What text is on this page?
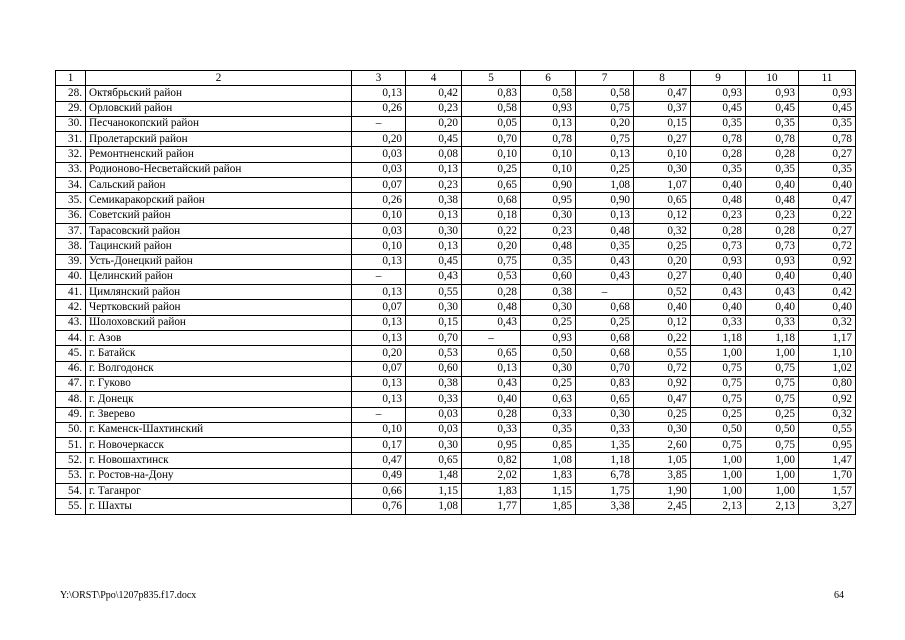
1	2	3	4	5	6	7	8	9	10	11
28.	Октябрьский район	0,13	0,42	0,83	0,58	0,58	0,47	0,93	0,93	0,93
29.	Орловский район	0,26	0,23	0,58	0,93	0,75	0,37	0,45	0,45	0,45
30.	Песчанокопский район	–	0,20	0,05	0,13	0,20	0,15	0,35	0,35	0,35
31.	Пролетарский район	0,20	0,45	0,70	0,78	0,75	0,27	0,78	0,78	0,78
32.	Ремонтненский район	0,03	0,08	0,10	0,10	0,13	0,10	0,28	0,28	0,27
33.	Родионово-Несветайский район	0,03	0,13	0,25	0,10	0,25	0,30	0,35	0,35	0,35
34.	Сальский район	0,07	0,23	0,65	0,90	1,08	1,07	0,40	0,40	0,40
35.	Семикаракорский район	0,26	0,38	0,68	0,95	0,90	0,65	0,48	0,48	0,47
36.	Советский район	0,10	0,13	0,18	0,30	0,13	0,12	0,23	0,23	0,22
37.	Тарасовский район	0,03	0,30	0,22	0,23	0,48	0,32	0,28	0,28	0,27
38.	Тацинский район	0,10	0,13	0,20	0,48	0,35	0,25	0,73	0,73	0,72
39.	Усть-Донецкий район	0,13	0,45	0,75	0,35	0,43	0,20	0,93	0,93	0,92
40.	Целинский район	–	0,43	0,53	0,60	0,43	0,27	0,40	0,40	0,40
41.	Цимлянский район	0,13	0,55	0,28	0,38	–	0,52	0,43	0,43	0,42
42.	Чертковский район	0,07	0,30	0,48	0,30	0,68	0,40	0,40	0,40	0,40
43.	Шолоховский район	0,13	0,15	0,43	0,25	0,25	0,12	0,33	0,33	0,32
44.	г. Азов	0,13	0,70	–	0,93	0,68	0,22	1,18	1,18	1,17
45.	г. Батайск	0,20	0,53	0,65	0,50	0,68	0,55	1,00	1,00	1,10
46.	г. Волгодонск	0,07	0,60	0,13	0,30	0,70	0,72	0,75	0,75	1,02
47.	г. Гуково	0,13	0,38	0,43	0,25	0,83	0,92	0,75	0,75	0,80
48.	г. Донецк	0,13	0,33	0,40	0,63	0,65	0,47	0,75	0,75	0,92
49.	г. Зверево	–	0,03	0,28	0,33	0,30	0,25	0,25	0,25	0,32
50.	г. Каменск-Шахтинский	0,10	0,03	0,33	0,35	0,33	0,30	0,50	0,50	0,55
51.	г. Новочеркасск	0,17	0,30	0,95	0,85	1,35	2,60	0,75	0,75	0,95
52.	г. Новошахтинск	0,47	0,65	0,82	1,08	1,18	1,05	1,00	1,00	1,47
53.	г. Ростов-на-Дону	0,49	1,48	2,02	1,83	6,78	3,85	1,00	1,00	1,70
54.	г. Таганрог	0,66	1,15	1,83	1,15	1,75	1,90	1,00	1,00	1,57
55.	г. Шахты	0,76	1,08	1,77	1,85	3,38	2,45	2,13	2,13	3,27
Y:\ORST\Ppo\1207p835.f17.docx	64
